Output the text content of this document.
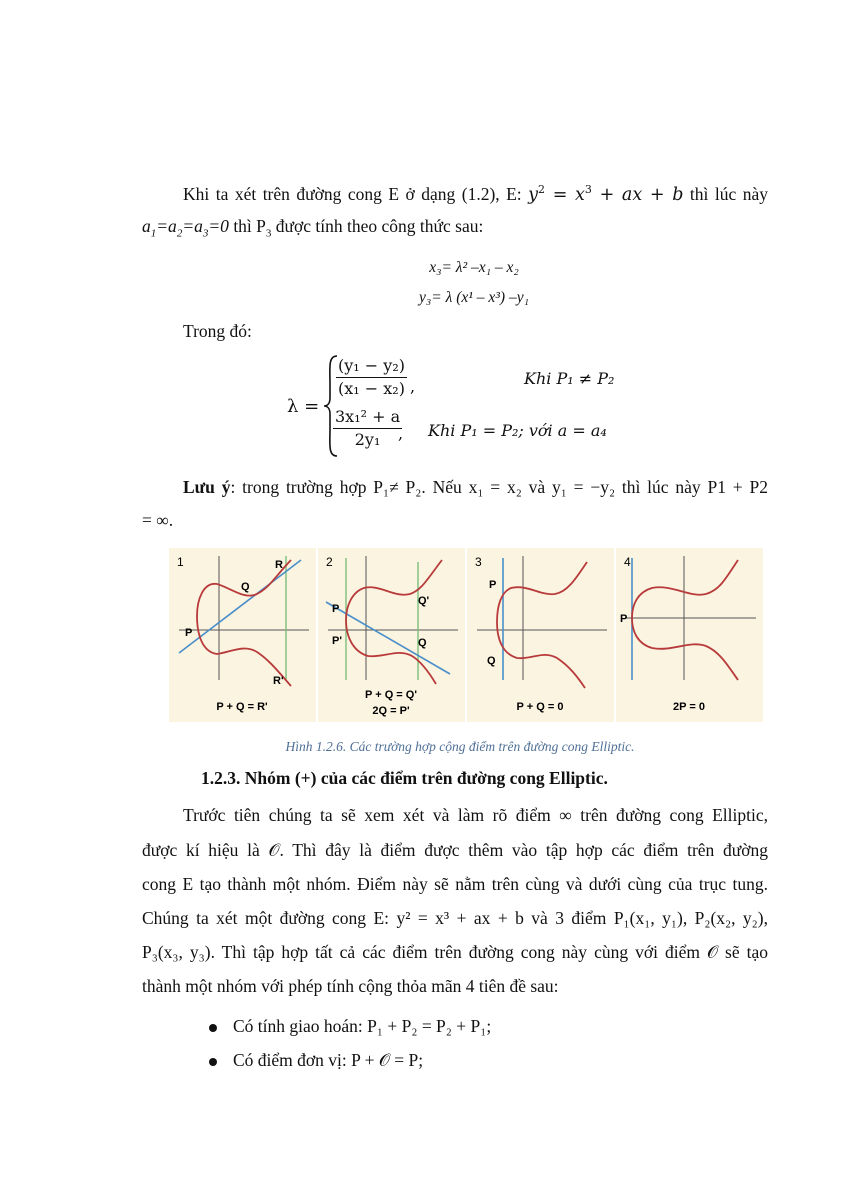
Khi ta xét trên đường cong E ở dạng (1.2), E: $y^2 = x^3$ + ax + b thì lúc này
$a_1=a_2=a_3=0$ thì $P_3$ được tính theo công thức sau:
x₃= λ² –x₁ – x₂
y₃= λ (x¹ – x³) –y₁
Trong đó:
λ =
$\frac{\text{(y₁ − y₂)}}{\text{(x₁ − x₂)}}$ ,	Khi P₁ ≠ P₂
$\frac{\text{3x₁² + a}}{\text{2y₁}}$
, Khi P₁ = P₂; với a = a₄
Lưu ý: trong trường hợp P₁≠ P₂. Nếu x₁ = x₂ và y₁ = −y₂ thì lúc này P1 + P2
= ∞.
1	R
Q
P
R'
P + Q = R'
2
P
Q'
P'	Q
P + Q = Q'
2Q = P'
3
P
Q
P + Q = 0
4
P
2P = 0
Hình 1.2.6. Các trường hợp cộng điểm trên đường cong Elliptic.
1.2.3. Nhóm (+) của các điểm trên đường cong Elliptic.
Trước tiên chúng ta sẽ xem xét và làm rõ điểm ∞ trên đường cong Elliptic,
được kí hiệu là 𝒪. Thì đây là điểm được thêm vào tập hợp các điểm trên đường
cong E tạo thành một nhóm. Điểm này sẽ nằm trên cùng và dưới cùng của trục tung.
Chúng ta xét một đường cong E: y² = x³ + ax + b và 3 điểm P₁(x₁, y₁), P₂(x₂, y₂),
P₃(x₃, y₃). Thì tập hợp tất cả các điểm trên đường cong này cùng với điểm 𝒪 sẽ tạo
thành một nhóm với phép tính cộng thỏa mãn 4 tiên đề sau:
Có tính giao hoán: P₁ + P₂ = P₂ + P₁;
Có điểm đơn vị: P + 𝒪 = P;
